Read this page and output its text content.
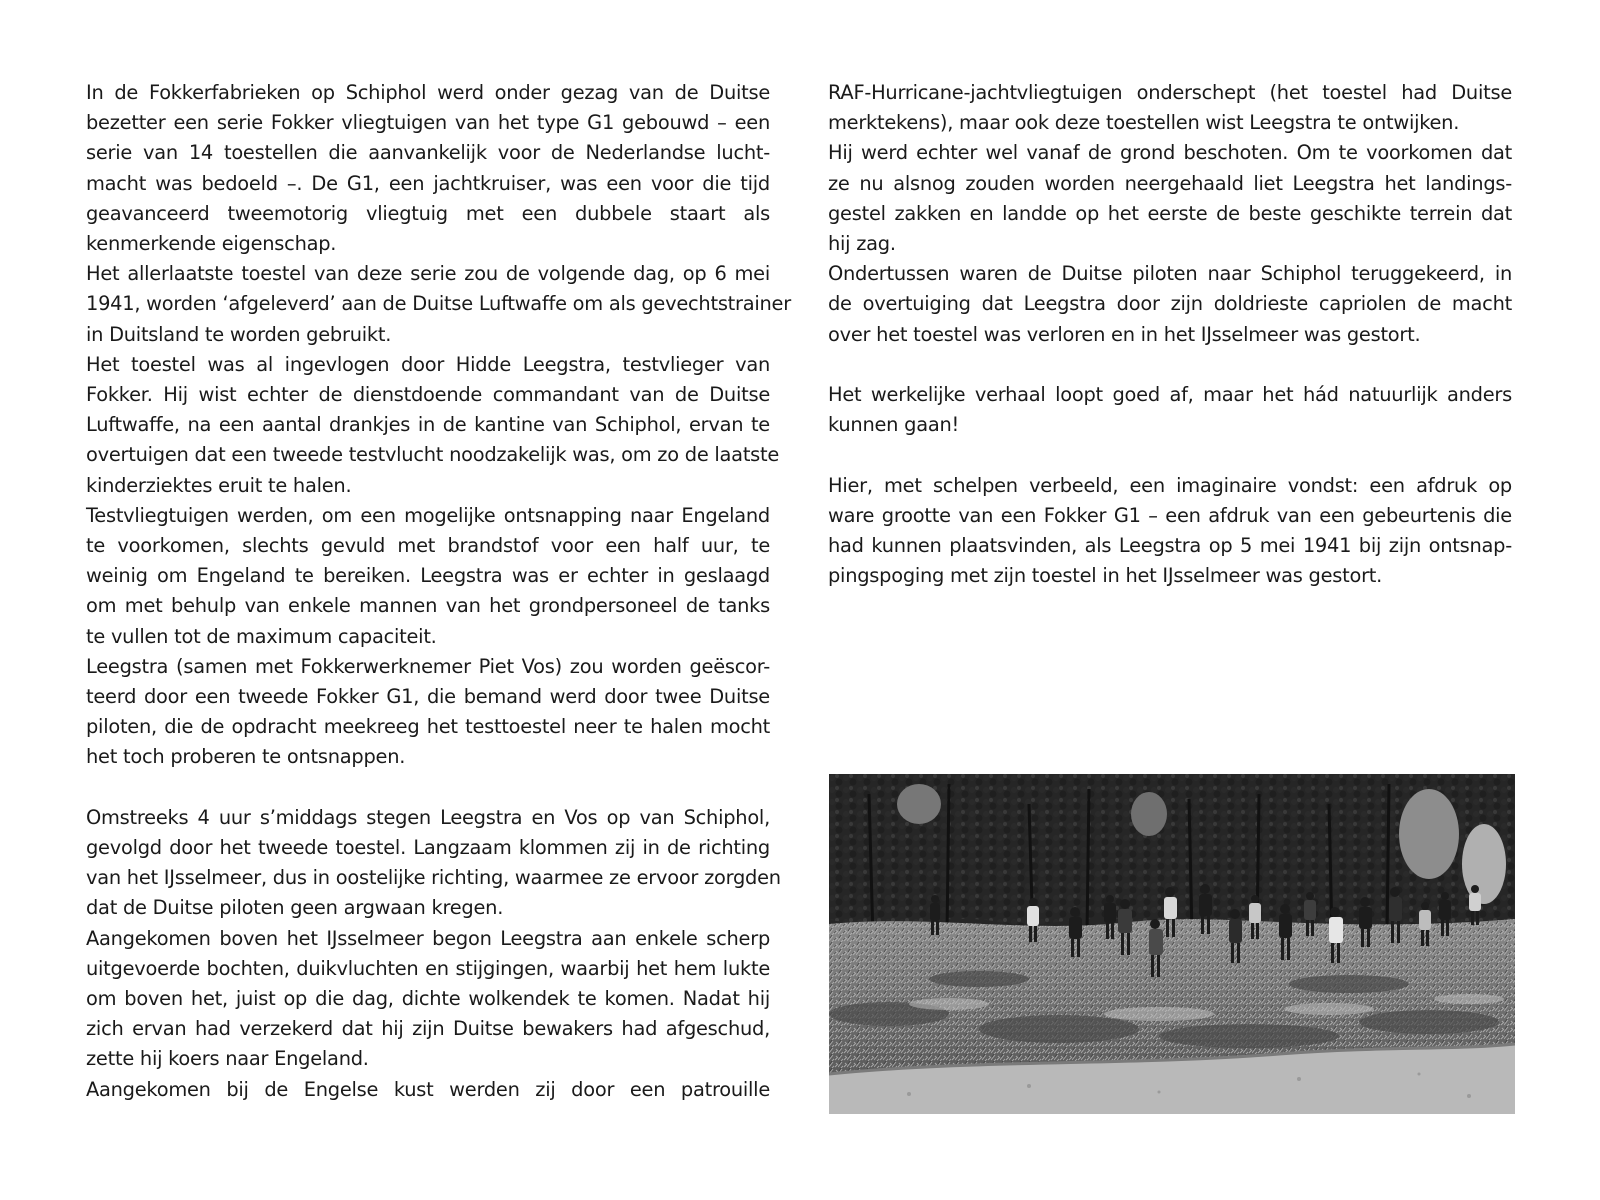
In de Fokkerfabrieken op Schiphol werd onder gezag van de Duitse
bezetter een serie Fokker vliegtuigen van het type G1 gebouwd – een
serie van 14 toestellen die aanvankelijk voor de Nederlandse lucht-
macht was bedoeld –. De G1, een jachtkruiser, was een voor die tijd
geavanceerd tweemotorig vliegtuig met een dubbele staart als
kenmerkende eigenschap.
Het allerlaatste toestel van deze serie zou de volgende dag, op 6 mei
1941, worden ‘afgeleverd’ aan de Duitse Luftwaffe om als gevechtstrainer
in Duitsland te worden gebruikt.
Het toestel was al ingevlogen door Hidde Leegstra, testvlieger van
Fokker. Hij wist echter de dienstdoende commandant van de Duitse
Luftwaffe, na een aantal drankjes in de kantine van Schiphol, ervan te
overtuigen dat een tweede testvlucht noodzakelijk was, om zo de laatste
kinderziektes eruit te halen.
Testvliegtuigen werden, om een mogelijke ontsnapping naar Engeland
te voorkomen, slechts gevuld met brandstof voor een half uur, te
weinig om Engeland te bereiken. Leegstra was er echter in geslaagd
om met behulp van enkele mannen van het grondpersoneel de tanks
te vullen tot de maximum capaciteit.
Leegstra (samen met Fokkerwerknemer Piet Vos) zou worden geëscor-
teerd door een tweede Fokker G1, die bemand werd door twee Duitse
piloten, die de opdracht meekreeg het testtoestel neer te halen mocht
het toch proberen te ontsnappen.
Omstreeks 4 uur s’middags stegen Leegstra en Vos op van Schiphol,
gevolgd door het tweede toestel. Langzaam klommen zij in de richting
van het IJsselmeer, dus in oostelijke richting, waarmee ze ervoor zorgden
dat de Duitse piloten geen argwaan kregen.
Aangekomen boven het IJsselmeer begon Leegstra aan enkele scherp
uitgevoerde bochten, duikvluchten en stijgingen, waarbij het hem lukte
om boven het, juist op die dag, dichte wolkendek te komen. Nadat hij
zich ervan had verzekerd dat hij zijn Duitse bewakers had afgeschud,
zette hij koers naar Engeland.
Aangekomen bij de Engelse kust werden zij door een patrouille
RAF-Hurricane-jachtvliegtuigen onderschept (het toestel had Duitse
merktekens), maar ook deze toestellen wist Leegstra te ontwijken.
Hij werd echter wel vanaf de grond beschoten. Om te voorkomen dat
ze nu alsnog zouden worden neergehaald liet Leegstra het landings-
gestel zakken en landde op het eerste de beste geschikte terrein dat
hij zag.
Ondertussen waren de Duitse piloten naar Schiphol teruggekeerd, in
de overtuiging dat Leegstra door zijn doldrieste capriolen de macht
over het toestel was verloren en in het IJsselmeer was gestort.
Het werkelijke verhaal loopt goed af, maar het hád natuurlijk anders
kunnen gaan!
Hier, met schelpen verbeeld, een imaginaire vondst: een afdruk op
ware grootte van een Fokker G1 – een afdruk van een gebeurtenis die
had kunnen plaatsvinden, als Leegstra op 5 mei 1941 bij zijn ontsnap-
pingspoging met zijn toestel in het IJsselmeer was gestort.
